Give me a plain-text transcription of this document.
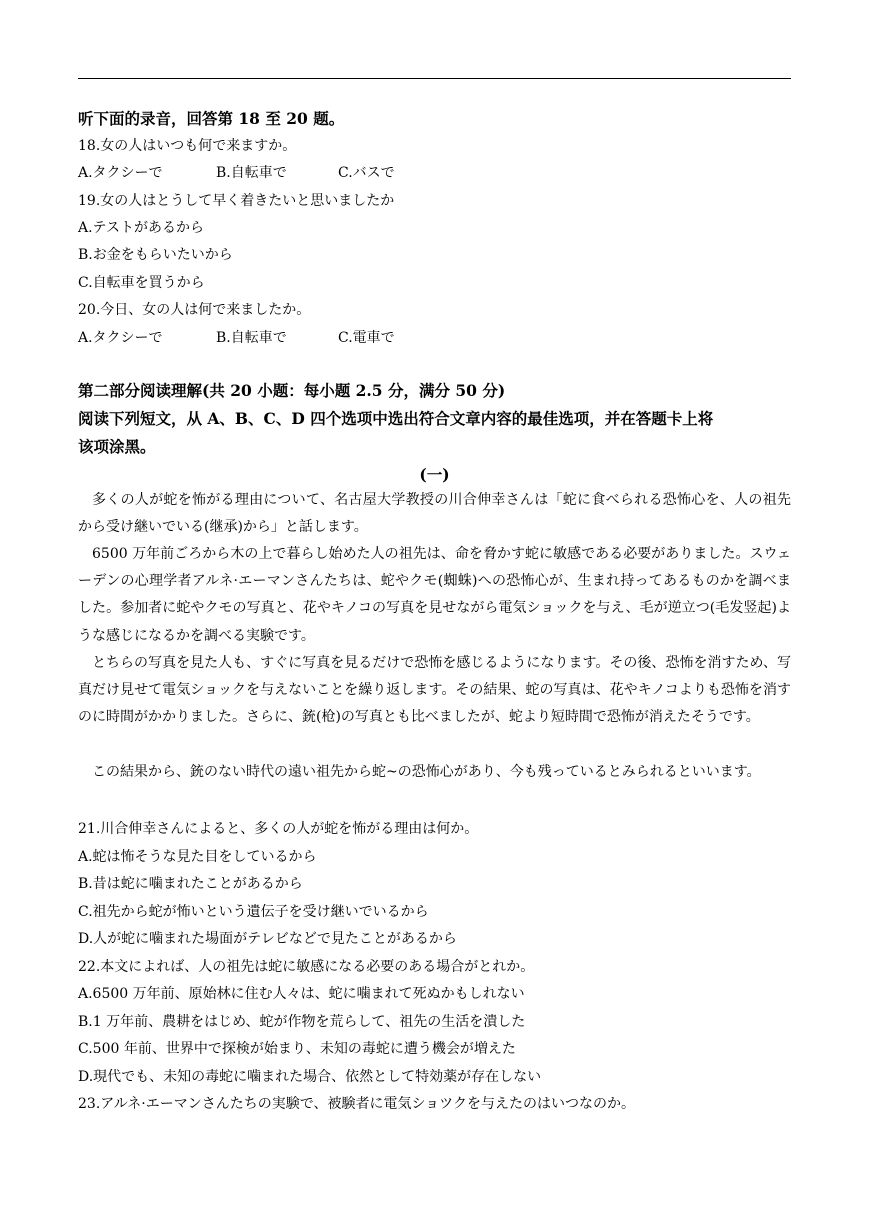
听下面的录音，回答第 18 至 20 题。
18.女の人はいつも何で来ますか。
A.タクシーで	B.自転車で	C.バスで
19.女の人はとうして早く着きたいと思いましたか
A.テストがあるから
B.お金をもらいたいから
C.自転車を買うから
20.今日、女の人は何で来ましたか。
A.タクシーで	B.自転車で	C.電車で
第二部分阅读理解(共 20 小题：每小题 2.5 分，满分 50 分)
阅读下列短文，从 A、B、C、D 四个选项中选出符合文章内容的最佳选项，并在答题卡上将
该项涂黑。
(一)
多くの人が蛇を怖がる理由について、名古屋大学教授の川合伸幸さんは「蛇に食べられる恐怖心を、人の祖先から受け継いでいる(继承)から」と話します。
6500 万年前ごろから木の上で暮らし始めた人の祖先は、命を脅かす蛇に敏感である必要がありました。スウェーデンの心理学者アルネ·エーマンさんたちは、蛇やクモ(蜘蛛)への恐怖心が、生まれ持ってあるものかを調べました。参加者に蛇やクモの写真と、花やキノコの写真を見せながら電気ショックを与え、毛が逆立つ(毛发竖起)ような感じになるかを調べる実験です。
とちらの写真を見た人も、すぐに写真を見るだけで恐怖を感じるようになります。その後、恐怖を消すため、写真だけ見せて電気ショックを与えないことを繰り返します。その結果、蛇の写真は、花やキノコよりも恐怖を消すのに時間がかかりました。さらに、銃(枪)の写真とも比べましたが、蛇より短時間で恐怖が消えたそうです。
この結果から、銃のない時代の遠い祖先から蛇~の恐怖心があり、今も残っているとみられるといいます。
21.川合伸幸さんによると、多くの人が蛇を怖がる理由は何か。
A.蛇は怖そうな見た目をしているから
B.昔は蛇に噛まれたことがあるから
C.祖先から蛇が怖いという遺伝子を受け継いでいるから
D.人が蛇に噛まれた場面がテレビなどで見たことがあるから
22.本文によれば、人の祖先は蛇に敏感になる必要のある場合がとれか。
A.6500 万年前、原始林に住む人々は、蛇に噛まれて死ぬかもしれない
B.1 万年前、農耕をはじめ、蛇が作物を荒らして、祖先の生活を潰した
C.500 年前、世界中で探検が始まり、未知の毒蛇に遭う機会が増えた
D.現代でも、未知の毒蛇に噛まれた場合、依然として特効薬が存在しない
23.アルネ·エーマンさんたちの実験で、被験者に電気ショツクを与えたのはいつなのか。
